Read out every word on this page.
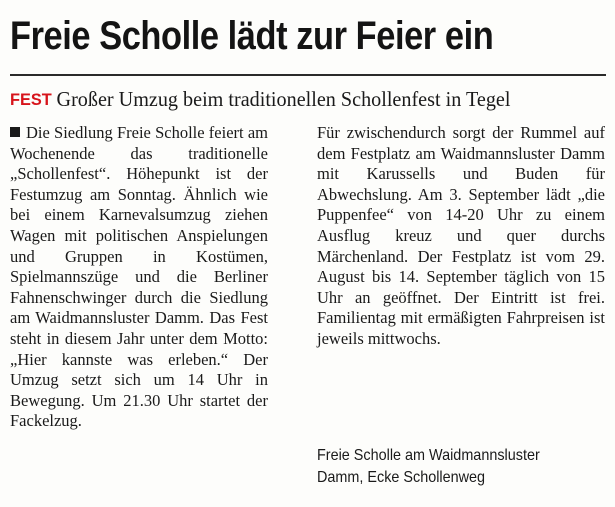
Freie Scholle lädt zur Feier ein
FEST Großer Umzug beim traditionellen Schollenfest in Tegel

Die Siedlung Freie Scholle feiert am Wochenende das traditionelle „Schollenfest“. Höhepunkt ist der Festumzug am Sonntag. Ähnlich wie bei einem Karnevalsumzug ziehen Wagen mit politischen Anspielungen und Gruppen in Kostümen, Spielmannszüge und die Berliner Fahnenschwinger durch die Siedlung am Waidmannsluster Damm. Das Fest steht in diesem Jahr unter dem Motto: „Hier kannste was erleben.“ Der Umzug setzt sich um 14 Uhr in Bewegung. Um 21.30 Uhr startet der Fackelzug.

Für zwischendurch sorgt der Rummel auf dem Festplatz am Waidmannsluster Damm mit Karussells und Buden für Abwechslung. Am 3. September lädt „die Puppenfee“ von 14-20 Uhr zu einem Ausflug kreuz und quer durchs Märchenland. Der Festplatz ist vom 29. August bis 14. September täglich von 15 Uhr an geöffnet. Der Eintritt ist frei. Familientag mit ermäßigten Fahrpreisen ist jeweils mittwochs.

Freie Scholle am Waidmannsluster
Damm, Ecke Schollenweg
